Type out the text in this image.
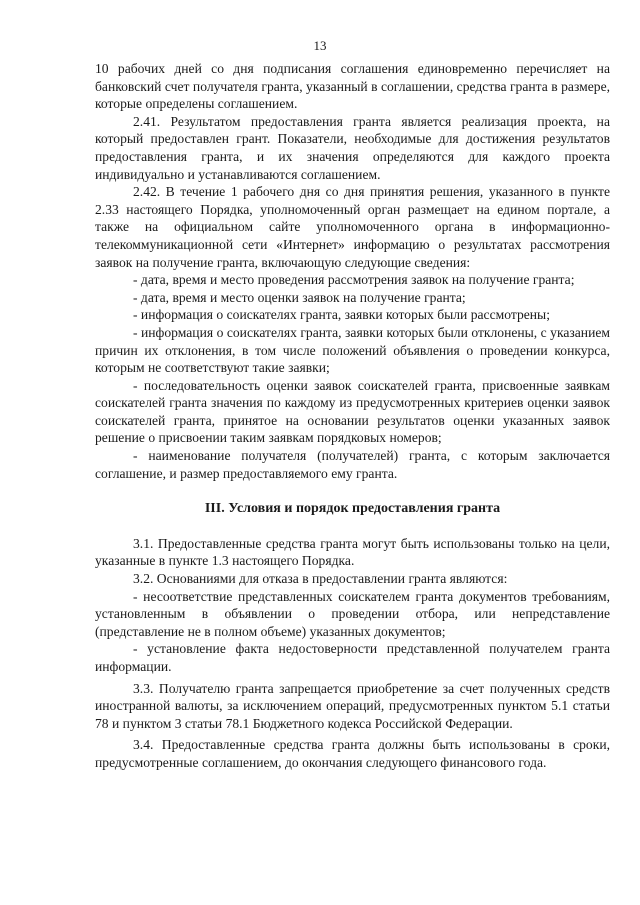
13

10 рабочих дней со дня подписания соглашения единовременно перечисляет на банковский счет получателя гранта, указанный в соглашении, средства гранта в размере, которые определены соглашением.

2.41. Результатом предоставления гранта является реализация проекта, на который предоставлен грант. Показатели, необходимые для достижения результатов предоставления гранта, и их значения определяются для каждого проекта индивидуально и устанавливаются соглашением.

2.42. В течение 1 рабочего дня со дня принятия решения, указанного в пункте 2.33 настоящего Порядка, уполномоченный орган размещает на едином портале, а также на официальном сайте уполномоченного органа в информационно-телекоммуникационной сети «Интернет» информацию о результатах рассмотрения заявок на получение гранта, включающую следующие сведения:

- дата, время и место проведения рассмотрения заявок на получение гранта;

- дата, время и место оценки заявок на получение гранта;

- информация о соискателях гранта, заявки которых были рассмотрены;

- информация о соискателях гранта, заявки которых были отклонены, с указанием причин их отклонения, в том числе положений объявления о проведении конкурса, которым не соответствуют такие заявки;

- последовательность оценки заявок соискателей гранта, присвоенные заявкам соискателей гранта значения по каждому из предусмотренных критериев оценки заявок соискателей гранта, принятое на основании результатов оценки указанных заявок решение о присвоении таким заявкам порядковых номеров;

- наименование получателя (получателей) гранта, с которым заключается соглашение, и размер предоставляемого ему гранта.

III. Условия и порядок предоставления гранта

3.1. Предоставленные средства гранта могут быть использованы только на цели, указанные в пункте 1.3 настоящего Порядка.

3.2. Основаниями для отказа в предоставлении гранта являются:

- несоответствие представленных соискателем гранта документов требованиям, установленным в объявлении о проведении отбора, или непредставление (представление не в полном объеме) указанных документов;

- установление факта недостоверности представленной получателем гранта информации.

3.3. Получателю гранта запрещается приобретение за счет полученных средств иностранной валюты, за исключением операций, предусмотренных пунктом 5.1 статьи 78 и пунктом 3 статьи 78.1 Бюджетного кодекса Российской Федерации.

3.4. Предоставленные средства гранта должны быть использованы в сроки, предусмотренные соглашением, до окончания следующего финансового года.
